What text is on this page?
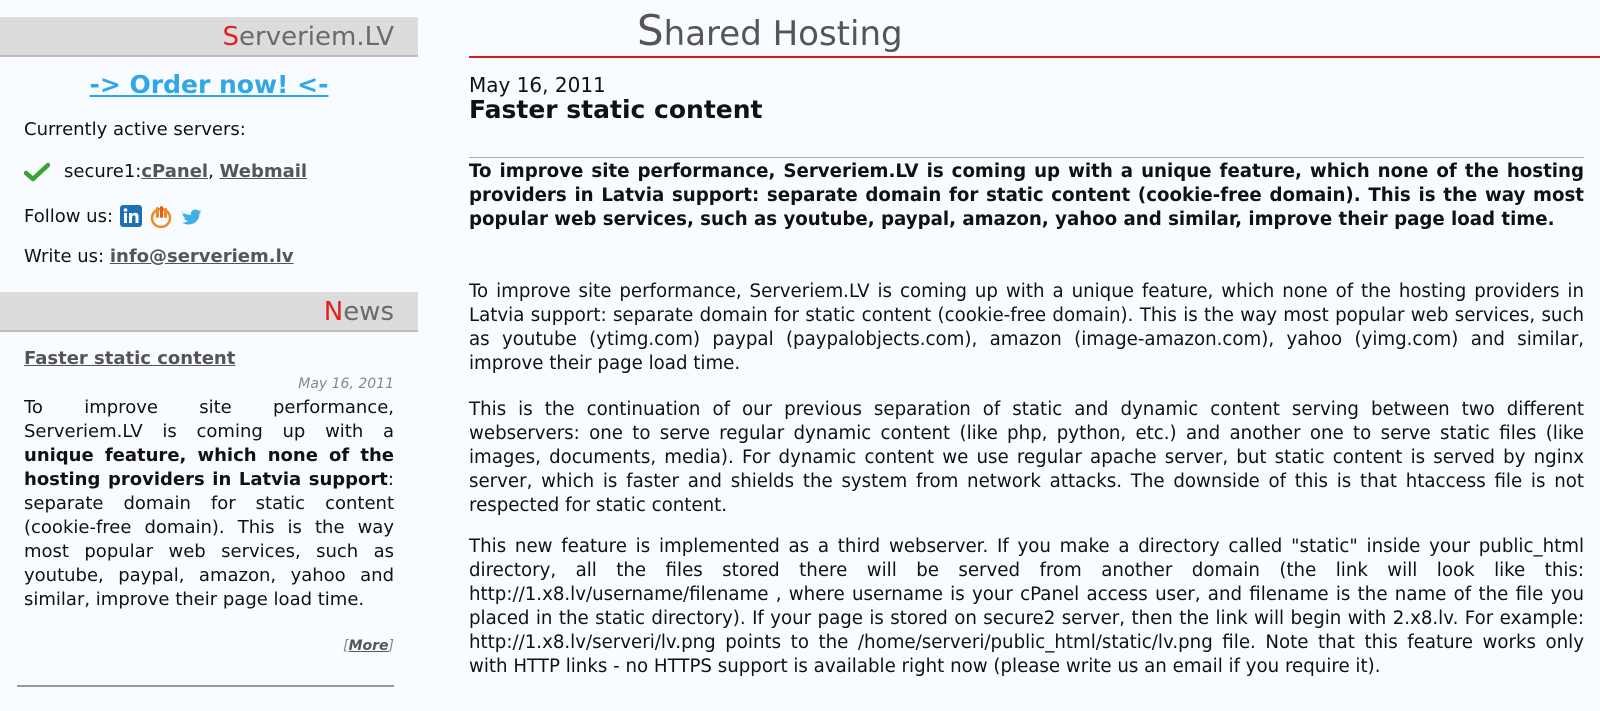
Serveriem.LV
-> Order now! <-
Currently active servers:
secure1: cPanel ,
Webmail
Follow us:
Write us: info@serveriem.lv
News
Faster static content
May 16, 2011
To improve site performance, Serveriem.LV is coming up with a unique feature, which none of the hosting providers in Latvia support: separate domain for static content (cookie-free domain). This is the way most popular web services, such as youtube, paypal, amazon, yahoo and similar, improve their page load time.
[More]
Shared Hosting
May 16, 2011
Faster static content

To improve site performance, Serveriem.LV is coming up with a unique feature, which none of the hosting providers in Latvia support: separate domain for static content (cookie-free domain). This is the way most popular web services, such as youtube, paypal, amazon, yahoo and similar, improve their page load time.

To improve site performance, Serveriem.LV is coming up with a unique feature, which none of the hosting providers in Latvia support: separate domain for static content (cookie-free domain). This is the way most popular web services, such as youtube (ytimg.com) paypal (paypalobjects.com), amazon (image-amazon.com), yahoo (yimg.com) and similar, improve their page load time.

This is the continuation of our previous separation of static and dynamic content serving between two different webservers: one to serve regular dynamic content (like php, python, etc.) and another one to serve static files (like images, documents, media). For dynamic content we use regular apache server, but static content is served by nginx server, which is faster and shields the system from network attacks. The downside of this is that htaccess file is not respected for static content.

This new feature is implemented as a third webserver. If you make a directory called "static" inside your public_html directory, all the files stored there will be served from another domain (the link will look like this: http://1.x8.lv/username/filename , where username is your cPanel access user, and filename is the name of the file you placed in the static directory). If your page is stored on secure2 server, then the link will begin with 2.x8.lv. For example: http://1.x8.lv/serveri/lv.png points to the /home/serveri/public_html/static/lv.png file. Note that this feature works only with HTTP links - no HTTPS support is available right now (please write us an email if you require it).
